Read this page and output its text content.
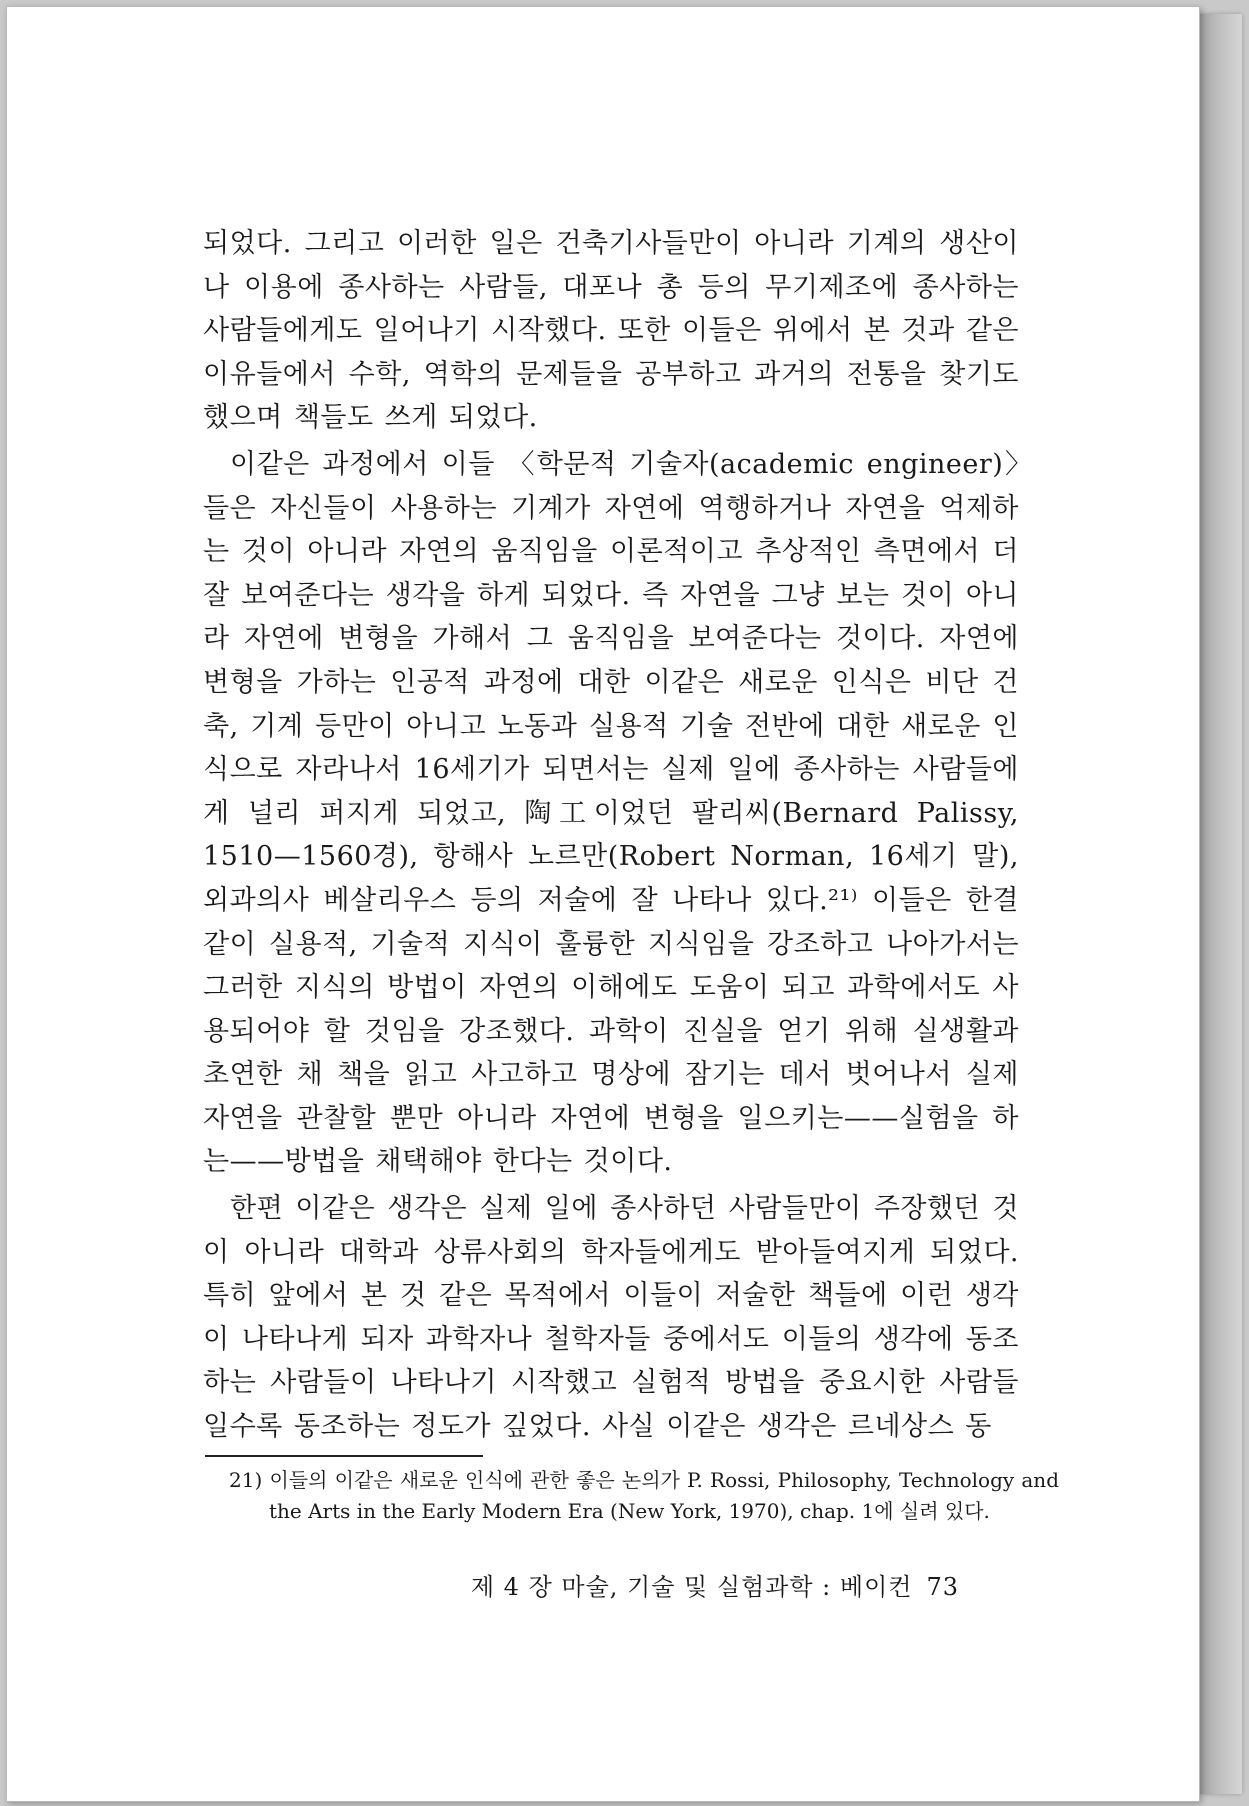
되었다. 그리고 이러한 일은 건축기사들만이 아니라 기계의 생산이나 이용에 종사하는 사람들, 대포나 총 등의 무기제조에 종사하는 사람들에게도 일어나기 시작했다. 또한 이들은 위에서 본 것과 같은 이유들에서 수학, 역학의 문제들을 공부하고 과거의 전통을 찾기도 했으며 책들도 쓰게 되었다.

이같은 과정에서 이들 〈학문적 기술자(academic engineer)〉들은 자신들이 사용하는 기계가 자연에 역행하거나 자연을 억제하는 것이 아니라 자연의 움직임을 이론적이고 추상적인 측면에서 더 잘 보여준다는 생각을 하게 되었다. 즉 자연을 그냥 보는 것이 아니라 자연에 변형을 가해서 그 움직임을 보여준다는 것이다. 자연에 변형을 가하는 인공적 과정에 대한 이같은 새로운 인식은 비단 건축, 기계 등만이 아니고 노동과 실용적 기술 전반에 대한 새로운 인식으로 자라나서 16세기가 되면서는 실제 일에 종사하는 사람들에게 널리 퍼지게 되었고, 陶工이었던 팔리씨(Bernard Palissy, 1510—1560경), 항해사 노르만(Robert Norman, 16세기 말), 외과의사 베살리우스 등의 저술에 잘 나타나 있다.²¹⁾ 이들은 한결같이 실용적, 기술적 지식이 훌륭한 지식임을 강조하고 나아가서는 그러한 지식의 방법이 자연의 이해에도 도움이 되고 과학에서도 사용되어야 할 것임을 강조했다. 과학이 진실을 얻기 위해 실생활과 초연한 채 책을 읽고 사고하고 명상에 잠기는 데서 벗어나서 실제 자연을 관찰할 뿐만 아니라 자연에 변형을 일으키는——실험을 하는——방법을 채택해야 한다는 것이다.

한편 이같은 생각은 실제 일에 종사하던 사람들만이 주장했던 것이 아니라 대학과 상류사회의 학자들에게도 받아들여지게 되었다. 특히 앞에서 본 것 같은 목적에서 이들이 저술한 책들에 이런 생각이 나타나게 되자 과학자나 철학자들 중에서도 이들의 생각에 동조하는 사람들이 나타나기 시작했고 실험적 방법을 중요시한 사람들일수록 동조하는 정도가 깊었다. 사실 이같은 생각은 르네상스 동

21) 이들의 이같은 새로운 인식에 관한 좋은 논의가 P. Rossi, Philosophy, Technology and the Arts in the Early Modern Era (New York, 1970), chap. 1에 실려 있다.
제 4 장 마술, 기술 및 실험과학 : 베이컨 73
